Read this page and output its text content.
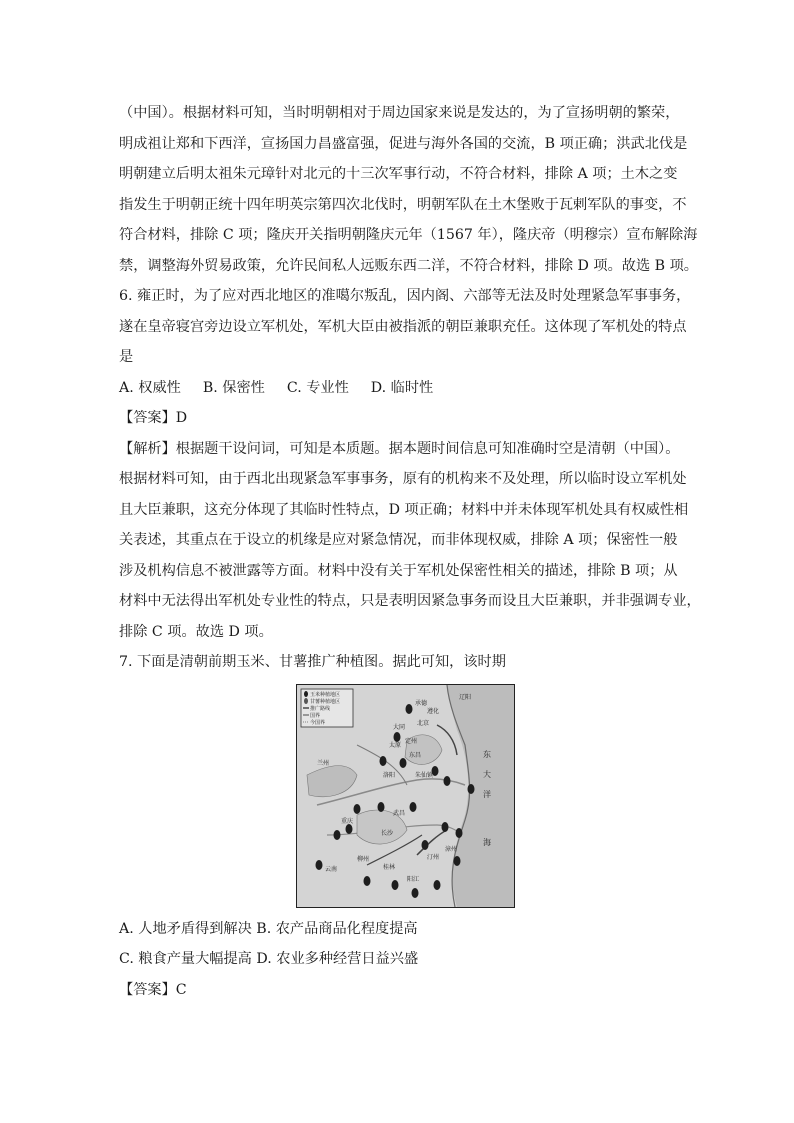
（中国）。根据材料可知，当时明朝相对于周边国家来说是发达的，为了宣扬明朝的繁荣，
明成祖让郑和下西洋，宣扬国力昌盛富强，促进与海外各国的交流，B 项正确；洪武北伐是
明朝建立后明太祖朱元璋针对北元的十三次军事行动，不符合材料，排除 A 项；土木之变
指发生于明朝正统十四年明英宗第四次北伐时，明朝军队在土木堡败于瓦剌军队的事变，不
符合材料，排除 C 项；隆庆开关指明朝隆庆元年（1567 年），隆庆帝（明穆宗）宣布解除海
禁，调整海外贸易政策，允许民间私人远贩东西二洋，不符合材料，排除 D 项。故选 B 项。
6. 雍正时，为了应对西北地区的准噶尔叛乱，因内阁、六部等无法及时处理紧急军事事务，
遂在皇帝寝宫旁边设立军机处，军机大臣由被指派的朝臣兼职充任。这体现了军机处的特点
是
A. 权威性 B. 保密性 C. 专业性 D. 临时性
【答案】D
【解析】根据题干设问词，可知是本质题。据本题时间信息可知准确时空是清朝（中国）。
根据材料可知，由于西北出现紧急军事事务，原有的机构来不及处理，所以临时设立军机处
且大臣兼职，这充分体现了其临时性特点，D 项正确；材料中并未体现军机处具有权威性相
关表述，其重点在于设立的机缘是应对紧急情况，而非体现权威，排除 A 项；保密性一般
涉及机构信息不被泄露等方面。材料中没有关于军机处保密性相关的描述，排除 B 项；从
材料中无法得出军机处专业性的特点，只是表明因紧急事务而设且大臣兼职，并非强调专业，
排除 C 项。故选 D 项。
7. 下面是清朝前期玉米、甘薯推广种植图。据此可知，该时期
玉米种植地区
甘薯种植地区
推广路线
国界
今国界
承德
遵化
辽阳
大同
北京
定州
太原
东昌
兰州
洛阳	朱仙镇
重庆
武昌
长沙
汀州
漳州
桂林
云南
柳州
阳江
东
大
洋
海
A. 人地矛盾得到解决 B. 农产品商品化程度提高
C. 粮食产量大幅提高 D. 农业多种经营日益兴盛
【答案】C
